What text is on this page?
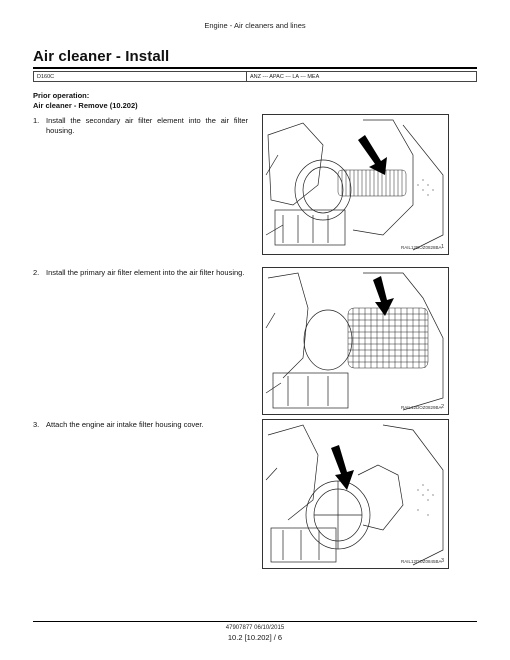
Engine - Air cleaners and lines
Air cleaner - Install
D160C	ANZ --- APAC --- LA --- MEA
Prior operation:
Air cleaner - Remove (10.202)
1. Install the secondary air filter element into the air filter housing.
RAIL12DOZ0828BA 1
2. Install the primary air filter element into the air filter housing.
RAIL12DOZ0829BA 2
3. Attach the engine air intake filter housing cover.
RAIL12DOZ0845BA 3
47907877 06/10/2015
10.2 [10.202] / 6
